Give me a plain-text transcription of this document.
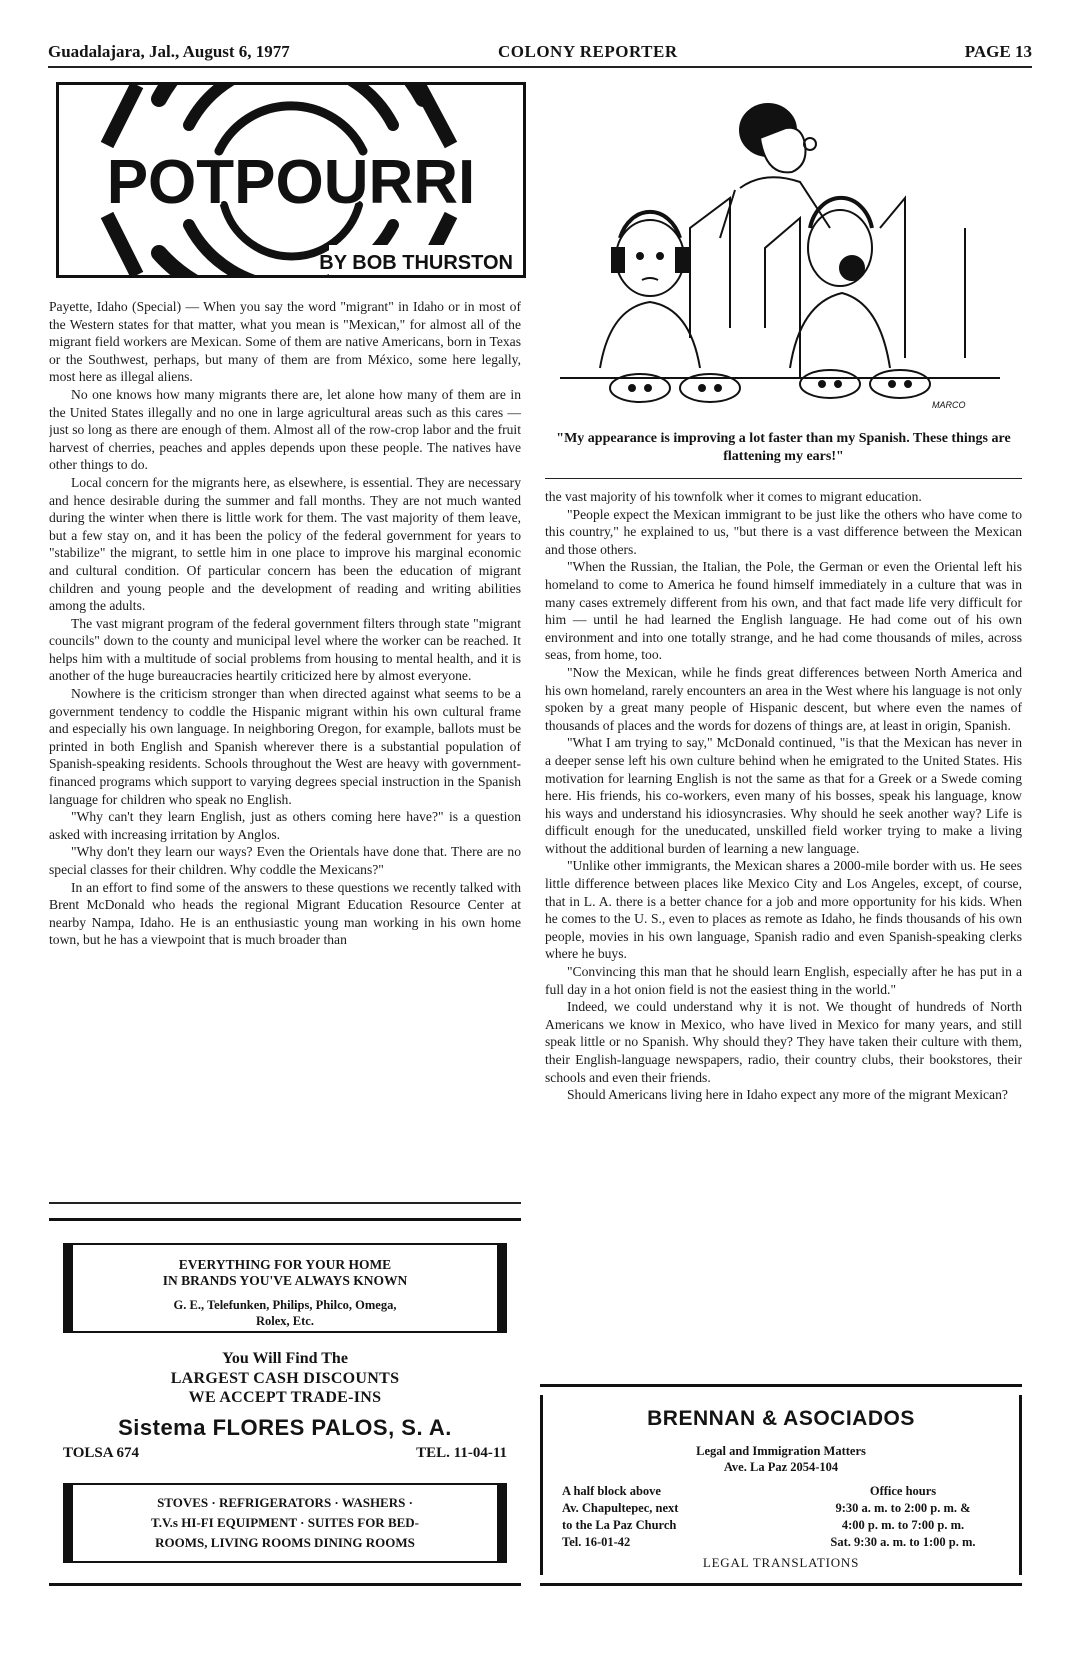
Guadalajara, Jal., August 6, 1977	COLONY REPORTER	PAGE 13
POTPOURRI
BY BOB THURSTON

Payette, Idaho (Special) — When you say the word "migrant" in Idaho or in most of the Western states for that matter, what you mean is "Mexican," for almost all of the migrant field workers are Mexican. Some of them are native Americans, born in Texas or the Southwest, perhaps, but many of them are from México, some here legally, most here as illegal aliens.

No one knows how many migrants there are, let alone how many of them are in the United States illegally and no one in large agricultural areas such as this cares — just so long as there are enough of them. Almost all of the row-crop labor and the fruit harvest of cherries, peaches and apples depends upon these people. The natives have other things to do.

Local concern for the migrants here, as elsewhere, is essential. They are necessary and hence desirable during the summer and fall months. They are not much wanted during the winter when there is little work for them. The vast majority of them leave, but a few stay on, and it has been the policy of the federal government for years to "stabilize" the migrant, to settle him in one place to improve his marginal economic and cultural condition. Of particular concern has been the education of migrant children and young people and the development of reading and writing abilities among the adults.

The vast migrant program of the federal government filters through state "migrant councils" down to the county and municipal level where the worker can be reached. It helps him with a multitude of social problems from housing to mental health, and it is another of the huge bureaucracies heartily criticized here by almost everyone.

Nowhere is the criticism stronger than when directed against what seems to be a government tendency to coddle the Hispanic migrant within his own cultural frame and especially his own language. In neighboring Oregon, for example, ballots must be printed in both English and Spanish wherever there is a substantial population of Spanish-speaking residents. Schools throughout the West are heavy with government-financed programs which support to varying degrees special instruction in the Spanish language for children who speak no English.

"Why can't they learn English, just as others coming here have?" is a question asked with increasing irritation by Anglos.

"Why don't they learn our ways? Even the Orientals have done that. There are no special classes for their children. Why coddle the Mexicans?"

In an effort to find some of the answers to these questions we recently talked with Brent McDonald who heads the regional Migrant Education Resource Center at nearby Nampa, Idaho. He is an enthusiastic young man working in his own home town, but he has a viewpoint that is much broader than

MARCO
"My appearance is improving a lot faster than my Spanish. These things are flattening my ears!"

the vast majority of his townfolk wher it comes to migrant education.

"People expect the Mexican immigrant to be just like the others who have come to this country," he explained to us, "but there is a vast difference between the Mexican and those others.

"When the Russian, the Italian, the Pole, the German or even the Oriental left his homeland to come to America he found himself immediately in a culture that was in many cases extremely different from his own, and that fact made life very difficult for him — until he had learned the English language. He had come out of his own environment and into one totally strange, and he had come thousands of miles, across seas, from home, too.

"Now the Mexican, while he finds great differences between North America and his own homeland, rarely encounters an area in the West where his language is not only spoken by a great many people of Hispanic descent, but where even the names of thousands of places and the words for dozens of things are, at least in origin, Spanish.

"What I am trying to say," McDonald continued, "is that the Mexican has never in a deeper sense left his own culture behind when he emigrated to the United States. His motivation for learning English is not the same as that for a Greek or a Swede coming here. His friends, his co-workers, even many of his bosses, speak his language, know his ways and understand his idiosyncrasies. Why should he seek another way? Life is difficult enough for the uneducated, unskilled field worker trying to make a living without the additional burden of learning a new language.

"Unlike other immigrants, the Mexican shares a 2000-mile border with us. He sees little difference between places like Mexico City and Los Angeles, except, of course, that in L. A. there is a better chance for a job and more opportunity for his kids. When he comes to the U. S., even to places as remote as Idaho, he finds thousands of his own people, movies in his own language, Spanish radio and even Spanish-speaking clerks where he buys.

"Convincing this man that he should learn English, especially after he has put in a full day in a hot onion field is not the easiest thing in the world."

Indeed, we could understand why it is not. We thought of hundreds of North Americans we know in Mexico, who have lived in Mexico for many years, and still speak little or no Spanish. Why should they? They have taken their culture with them, their English-language newspapers, radio, their country clubs, their bookstores, their schools and even their friends.

Should Americans living here in Idaho expect any more of the migrant Mexican?

EVERYTHING FOR YOUR HOME
IN BRANDS YOU'VE ALWAYS KNOWN
G. E., Telefunken, Philips, Philco, Omega,
Rolex, Etc.
You Will Find The
LARGEST CASH DISCOUNTS
WE ACCEPT TRADE-INS
Sistema FLORES PALOS, S. A.
TOLSA 674	TEL. 11-04-11
STOVES · REFRIGERATORS · WASHERS ·
T.V.s HI-FI EQUIPMENT · SUITES FOR BED-
ROOMS, LIVING ROOMS DINING ROOMS
BRENNAN & ASOCIADOS
Legal and Immigration Matters
Ave. La Paz 2054-104
A half block above
Av. Chapultepec, next
to the La Paz Church
Tel. 16-01-42
Office hours
9:30 a. m. to 2:00 p. m. &
4:00 p. m. to 7:00 p. m.
Sat. 9:30 a. m. to 1:00 p. m.
LEGAL TRANSLATIONS
